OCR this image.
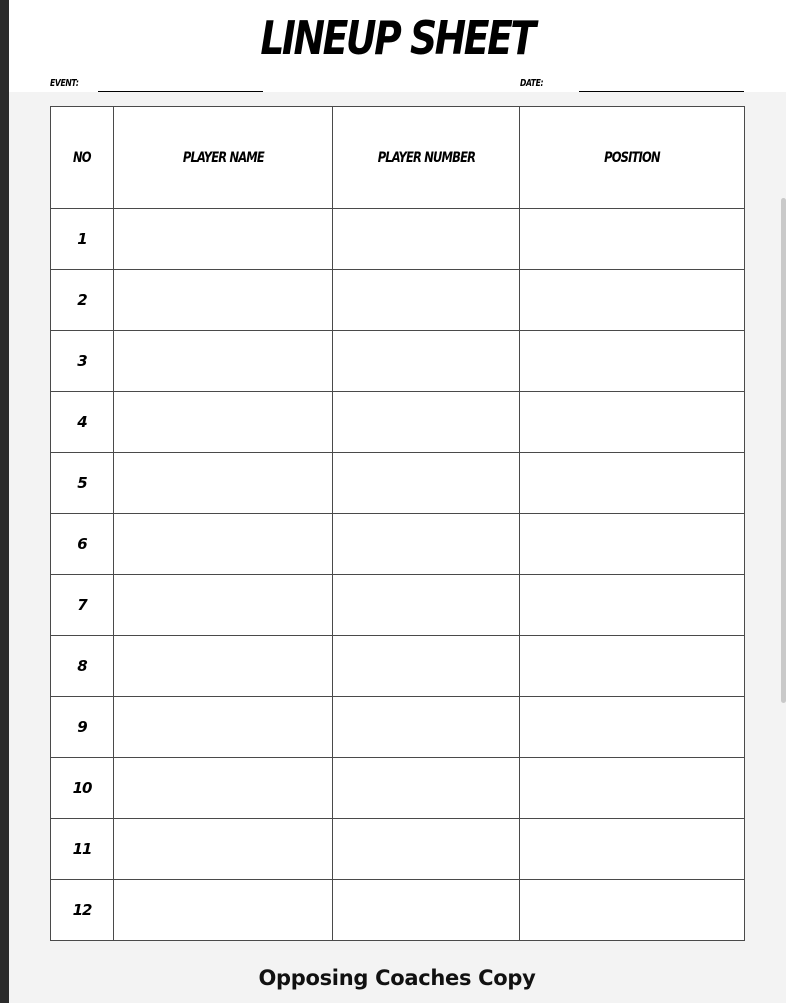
LINEUP SHEET
EVENT:	DATE:
NO	PLAYER NAME	PLAYER NUMBER	POSITION
1			
2			
3			
4			
5			
6			
7			
8			
9			
10			
11			
12			
Opposing Coaches Copy
